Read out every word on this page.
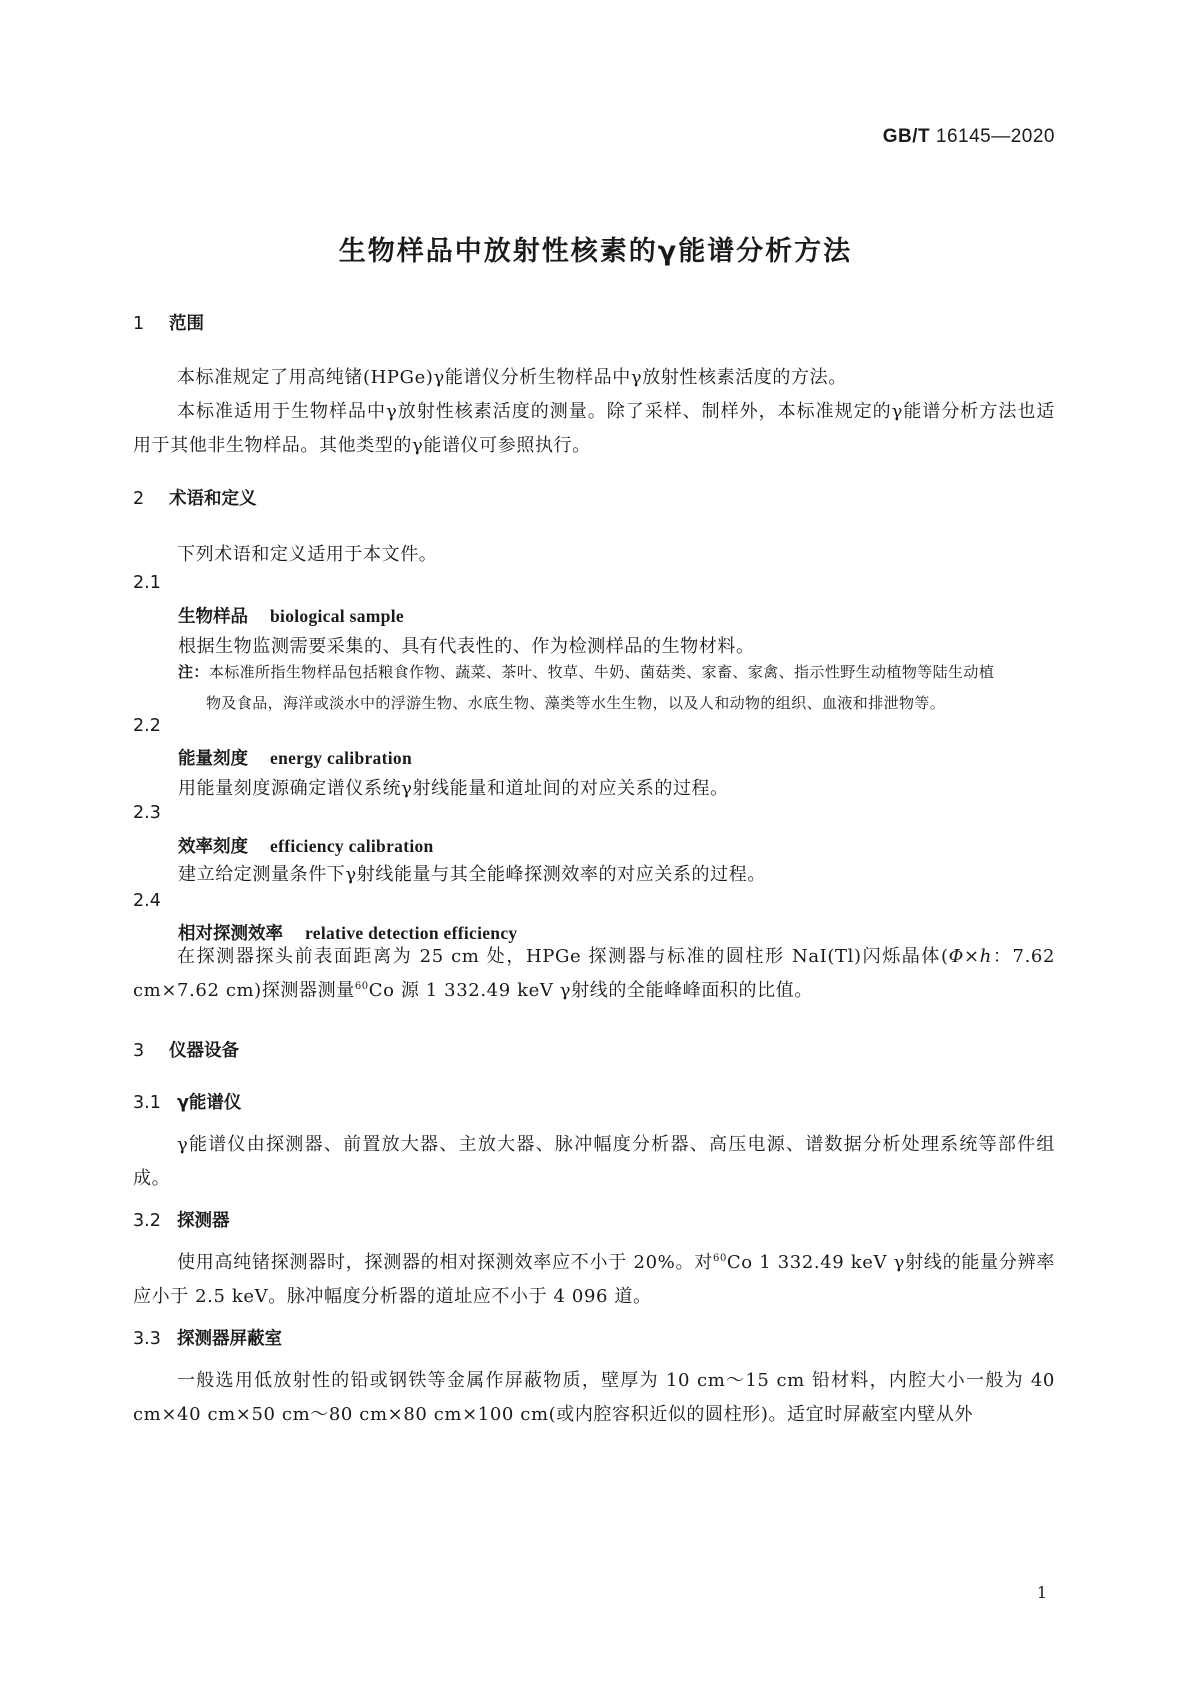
GB/T 16145—2020
生物样品中放射性核素的γ能谱分析方法
1 范围
本标准规定了用高纯锗(HPGe)γ能谱仪分析生物样品中γ放射性核素活度的方法。
本标准适用于生物样品中γ放射性核素活度的测量。除了采样、制样外，本标准规定的γ能谱分析方法也适用于其他非生物样品。其他类型的γ能谱仪可参照执行。
2 术语和定义
下列术语和定义适用于本文件。
2.1
生物样品 biological sample
根据生物监测需要采集的、具有代表性的、作为检测样品的生物材料。
注：本标准所指生物样品包括粮食作物、蔬菜、茶叶、牧草、牛奶、菌菇类、家畜、家禽、指示性野生动植物等陆生动植
物及食品，海洋或淡水中的浮游生物、水底生物、藻类等水生生物，以及人和动物的组织、血液和排泄物等。
2.2
能量刻度 energy calibration
用能量刻度源确定谱仪系统γ射线能量和道址间的对应关系的过程。
2.3
效率刻度 efficiency calibration
建立给定测量条件下γ射线能量与其全能峰探测效率的对应关系的过程。
2.4
相对探测效率 relative detection efficiency
在探测器探头前表面距离为 25 cm 处，HPGe 探测器与标准的圆柱形 NaI(Tl)闪烁晶体(Φ×h：7.62 cm×7.62 cm)探测器测量$^{60}$Co 源 1 332.49 keV γ射线的全能峰峰面积的比值。
3 仪器设备
3.1 γ能谱仪
γ能谱仪由探测器、前置放大器、主放大器、脉冲幅度分析器、高压电源、谱数据分析处理系统等部件组成。
3.2 探测器
使用高纯锗探测器时，探测器的相对探测效率应不小于 20%。对$^{60}$Co 1 332.49 keV γ射线的能量分辨率应小于 2.5 keV。脉冲幅度分析器的道址应不小于 4 096 道。
3.3 探测器屏蔽室
一般选用低放射性的铅或钢铁等金属作屏蔽物质，壁厚为 10 cm～15 cm 铅材料，内腔大小一般为 40 cm×40 cm×50 cm～80 cm×80 cm×100 cm(或内腔容积近似的圆柱形)。适宜时屏蔽室内壁从外
1
